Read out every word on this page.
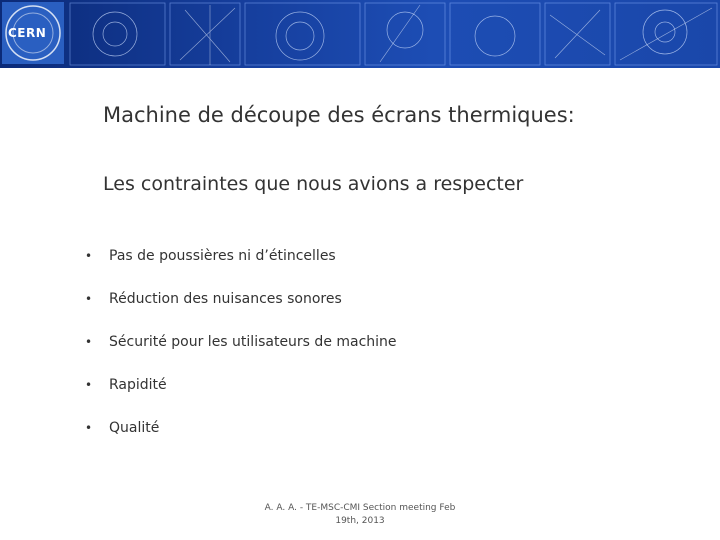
CERN
Machine de découpe des écrans thermiques:
Les contraintes que nous avions a respecter
•	Pas de poussières ni d’étincelles
•	Réduction des nuisances sonores
•	Sécurité pour les utilisateurs de machine
•	Rapidité
•	Qualité
A. A. A. - TE-MSC-CMI Section meeting Feb
19th, 2013
